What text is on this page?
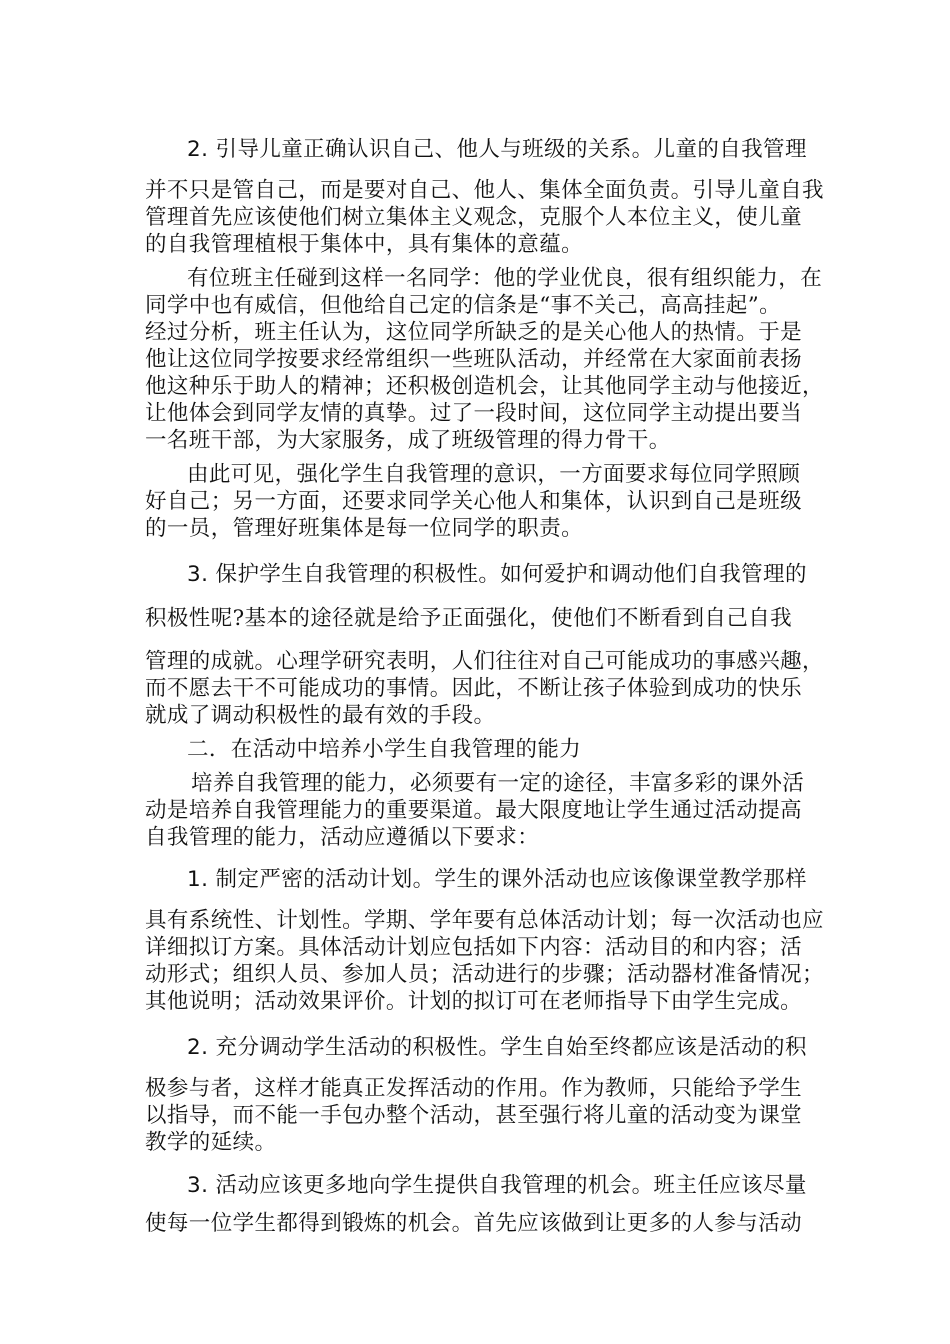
2. 引导儿童正确认识自己、他人与班级的关系。儿童的自我管理
并不只是管自己，而是要对自己、他人、集体全面负责。引导儿童自我
管理首先应该使他们树立集体主义观念，克服个人本位主义，使儿童
的自我管理植根于集体中，具有集体的意蕴。
有位班主任碰到这样一名同学：他的学业优良，很有组织能力，在
同学中也有威信，但他给自己定的信条是“事不关己，高高挂起”。
经过分析，班主任认为，这位同学所缺乏的是关心他人的热情。于是
他让这位同学按要求经常组织一些班队活动，并经常在大家面前表扬
他这种乐于助人的精神；还积极创造机会，让其他同学主动与他接近，
让他体会到同学友情的真挚。过了一段时间，这位同学主动提出要当
一名班干部，为大家服务，成了班级管理的得力骨干。
由此可见，强化学生自我管理的意识，一方面要求每位同学照顾
好自己；另一方面，还要求同学关心他人和集体，认识到自己是班级
的一员，管理好班集体是每一位同学的职责。
3. 保护学生自我管理的积极性。如何爱护和调动他们自我管理的
积极性呢?基本的途径就是给予正面强化，使他们不断看到自己自我
管理的成就。心理学研究表明，人们往往对自己可能成功的事感兴趣，
而不愿去干不可能成功的事情。因此，不断让孩子体验到成功的快乐
就成了调动积极性的最有效的手段。
二．在活动中培养小学生自我管理的能力
培养自我管理的能力，必须要有一定的途径，丰富多彩的课外活
动是培养自我管理能力的重要渠道。最大限度地让学生通过活动提高
自我管理的能力，活动应遵循以下要求：
1. 制定严密的活动计划。学生的课外活动也应该像课堂教学那样
具有系统性、计划性。学期、学年要有总体活动计划；每一次活动也应
详细拟订方案。具体活动计划应包括如下内容：活动目的和内容；活
动形式；组织人员、参加人员；活动进行的步骤；活动器材准备情况；
其他说明；活动效果评价。计划的拟订可在老师指导下由学生完成。
2. 充分调动学生活动的积极性。学生自始至终都应该是活动的积
极参与者，这样才能真正发挥活动的作用。作为教师，只能给予学生
以指导，而不能一手包办整个活动，甚至强行将儿童的活动变为课堂
教学的延续。
3. 活动应该更多地向学生提供自我管理的机会。班主任应该尽量
使每一位学生都得到锻炼的机会。首先应该做到让更多的人参与活动
